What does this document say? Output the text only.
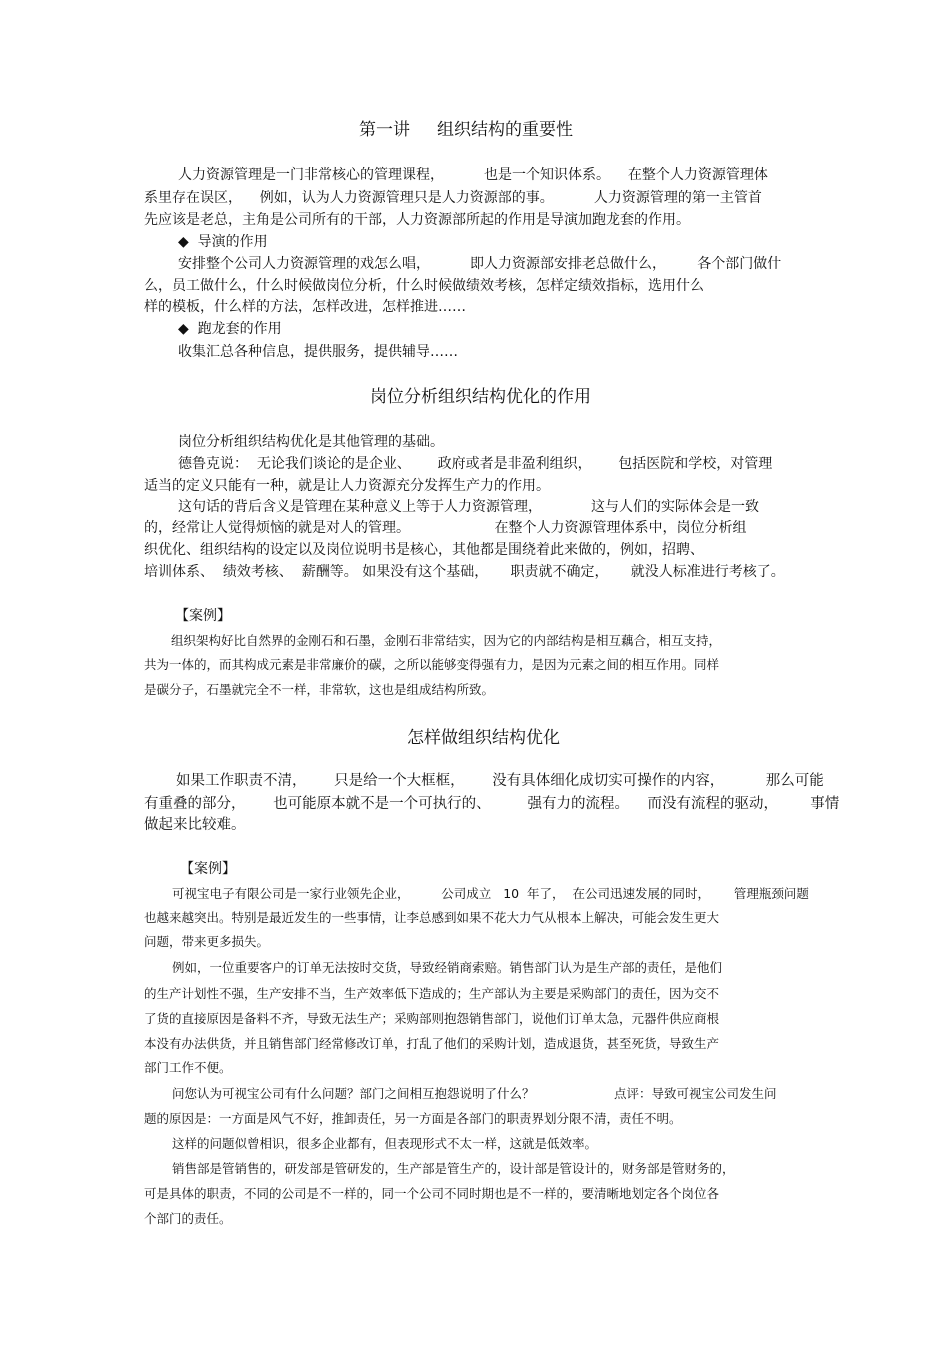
第一讲     组织结构的重要性
人力资源管理是一门非常核心的管理课程，         也是一个知识体系。    在整个人力资源管理体
系里存在误区，    例如，认为人力资源管理只是人力资源部的事。         人力资源管理的第一主管首
先应该是老总，主角是公司所有的干部，人力资源部所起的作用是导演加跑龙套的作用。
◆  导演的作用
安排整个公司人力资源管理的戏怎么唱，         即人力资源部安排老总做什么，       各个部门做什
么，员工做什么，什么时候做岗位分析，什么时候做绩效考核，怎样定绩效指标，选用什么
样的模板，什么样的方法，怎样改进，怎样推进……
◆  跑龙套的作用
收集汇总各种信息，提供服务，提供辅导……
岗位分析组织结构优化的作用
岗位分析组织结构优化是其他管理的基础。
德鲁克说：  无论我们谈论的是企业、      政府或者是非盈利组织，      包括医院和学校，对管理
适当的定义只能有一种，就是让人力资源充分发挥生产力的作用。
这句话的背后含义是管理在某种意义上等于人力资源管理，           这与人们的实际体会是一致
的，经常让人觉得烦恼的就是对人的管理。                   在整个人力资源管理体系中，岗位分析组
织优化、组织结构的设定以及岗位说明书是核心，其他都是围绕着此来做的，例如，招聘、
培训体系、  绩效考核、  薪酬等。 如果没有这个基础，     职责就不确定，     就没人标准进行考核了。
【案例】
组织架构好比自然界的金刚石和石墨，金刚石非常结实，因为它的内部结构是相互藕合，相互支持，
共为一体的，而其构成元素是非常廉价的碳，之所以能够变得强有力，是因为元素之间的相互作用。同样
是碳分子，石墨就完全不一样，非常软，这也是组成结构所致。
怎样做组织结构优化
如果工作职责不清，      只是给一个大框框，      没有具体细化成切实可操作的内容，         那么可能
有重叠的部分，      也可能原本就不是一个可执行的、        强有力的流程。    而没有流程的驱动，       事情
做起来比较难。
【案例】
可视宝电子有限公司是一家行业领先企业，        公司成立   10  年了，  在公司迅速发展的同时，      管理瓶颈问题
也越来越突出。特别是最近发生的一些事情，让李总感到如果不花大力气从根本上解决，可能会发生更大
问题，带来更多损失。
例如，一位重要客户的订单无法按时交货，导致经销商索赔。销售部门认为是生产部的责任，是他们
的生产计划性不强，生产安排不当，生产效率低下造成的；生产部认为主要是采购部门的责任，因为交不
了货的直接原因是备料不齐，导致无法生产；采购部则抱怨销售部门，说他们订单太急，元器件供应商根
本没有办法供货，并且销售部门经常修改订单，打乱了他们的采购计划，造成退货，甚至死货，导致生产
部门工作不便。
问您认为可视宝公司有什么问题？部门之间相互抱怨说明了什么？                    点评：导致可视宝公司发生问
题的原因是：一方面是风气不好，推卸责任，另一方面是各部门的职责界划分限不清，责任不明。
这样的问题似曾相识，很多企业都有，但表现形式不太一样，这就是低效率。
销售部是管销售的，研发部是管研发的，生产部是管生产的，设计部是管设计的，财务部是管财务的，
可是具体的职责，不同的公司是不一样的，同一个公司不同时期也是不一样的，要清晰地划定各个岗位各
个部门的责任。
